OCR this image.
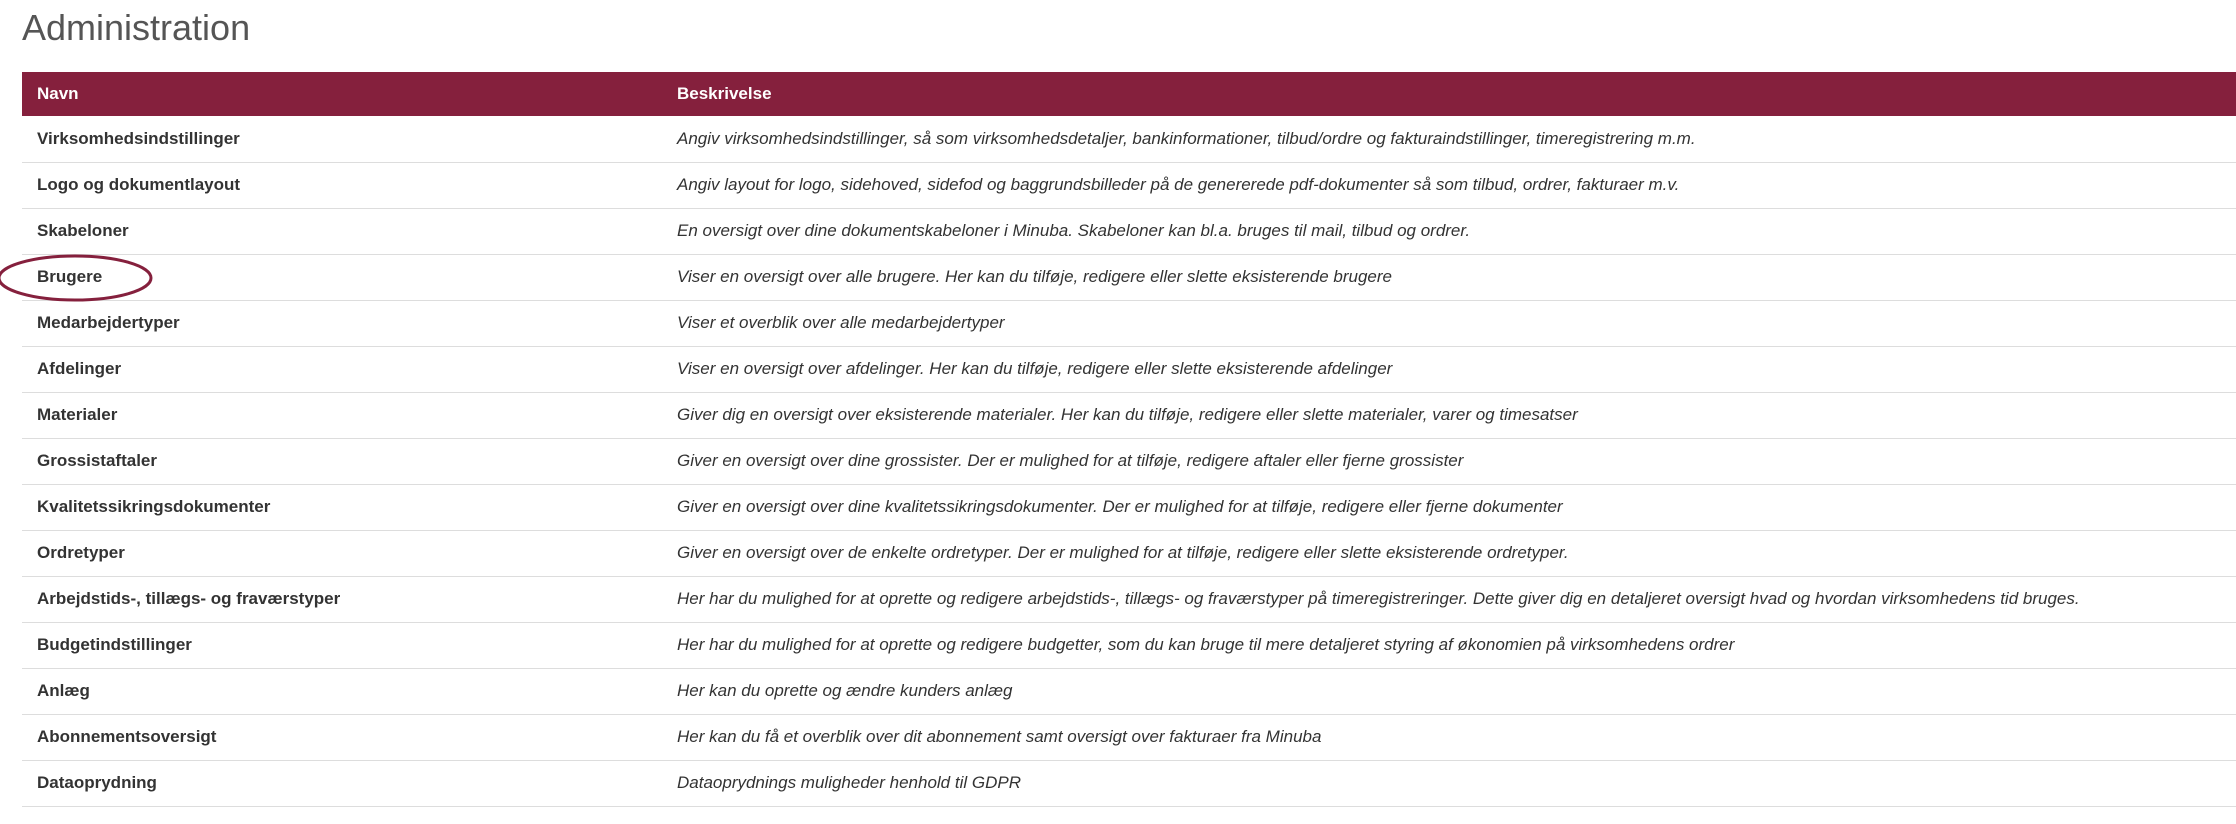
Administration
Navn	Beskrivelse
Virksomhedsindstillinger	Angiv virksomhedsindstillinger, så som virksomhedsdetaljer, bankinformationer, tilbud/ordre og fakturaindstillinger, timeregistrering m.m.
Logo og dokumentlayout	Angiv layout for logo, sidehoved, sidefod og baggrundsbilleder på de genererede pdf-dokumenter så som tilbud, ordrer, fakturaer m.v.
Skabeloner	En oversigt over dine dokumentskabeloner i Minuba. Skabeloner kan bl.a. bruges til mail, tilbud og ordrer.
Brugere	Viser en oversigt over alle brugere. Her kan du tilføje, redigere eller slette eksisterende brugere
Medarbejdertyper	Viser et overblik over alle medarbejdertyper
Afdelinger	Viser en oversigt over afdelinger. Her kan du tilføje, redigere eller slette eksisterende afdelinger
Materialer	Giver dig en oversigt over eksisterende materialer. Her kan du tilføje, redigere eller slette materialer, varer og timesatser
Grossistaftaler	Giver en oversigt over dine grossister. Der er mulighed for at tilføje, redigere aftaler eller fjerne grossister
Kvalitetssikringsdokumenter	Giver en oversigt over dine kvalitetssikringsdokumenter. Der er mulighed for at tilføje, redigere eller fjerne dokumenter
Ordretyper	Giver en oversigt over de enkelte ordretyper. Der er mulighed for at tilføje, redigere eller slette eksisterende ordretyper.
Arbejdstids-, tillægs- og fraværstyper	Her har du mulighed for at oprette og redigere arbejdstids-, tillægs- og fraværstyper på timeregistreringer. Dette giver dig en detaljeret oversigt hvad og hvordan virksomhedens tid bruges.
Budgetindstillinger	Her har du mulighed for at oprette og redigere budgetter, som du kan bruge til mere detaljeret styring af økonomien på virksomhedens ordrer
Anlæg	Her kan du oprette og ændre kunders anlæg
Abonnementsoversigt	Her kan du få et overblik over dit abonnement samt oversigt over fakturaer fra Minuba
Dataoprydning	Dataoprydnings muligheder henhold til GDPR
